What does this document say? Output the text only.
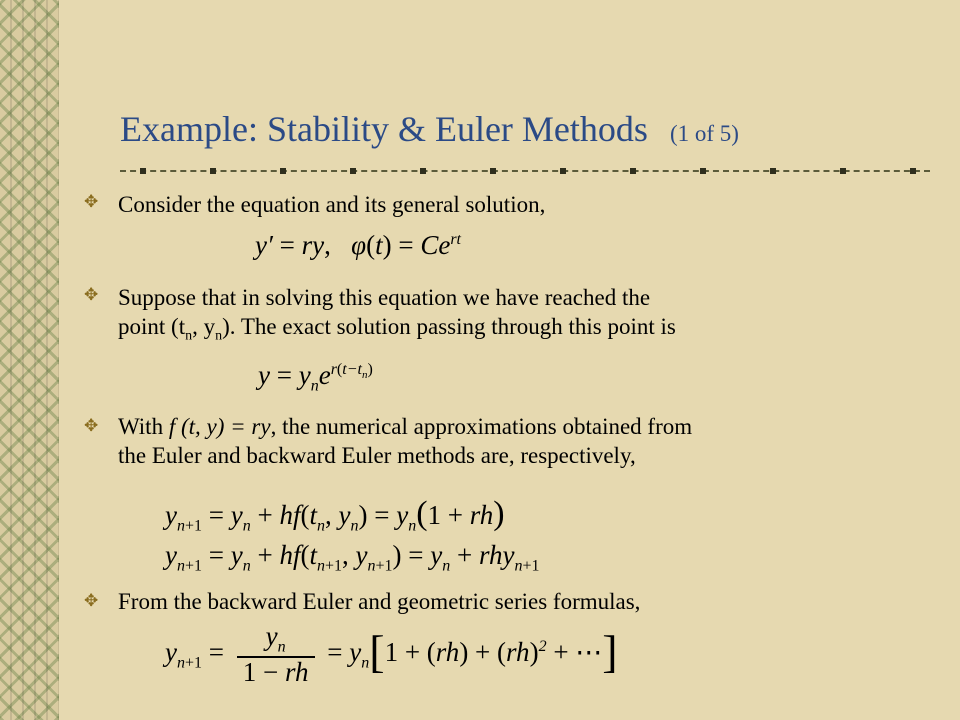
Example: Stability & Euler Methods (1 of 5)
✥ Consider the equation and its general solution,
y′ = ry,   $\varphi(t) = Ce^{rt}$
✥ Suppose that in solving this equation we have reached the
point ($t_n$, $y_n$). The exact solution passing through this point is
$y = y_ne^{r(t-t_n)}$
✥ With f (t, y) = ry, the numerical approximations obtained from
the Euler and backward Euler methods are, respectively,
$y_{n+1} = y_n + hf(t_n$, $y_n) = y_n(1 + rh)$
$y_{n+1} = y_n + hf(t_{n+1}$, $y_{n+1}) = y_n + rhy_{n+1}$
✥ From the backward Euler and geometric series formulas,
$y_{n+1} = \frac{y_n}{1 - rh} = y_n[1 + (rh) + (rh)^2$ + ⋯]
